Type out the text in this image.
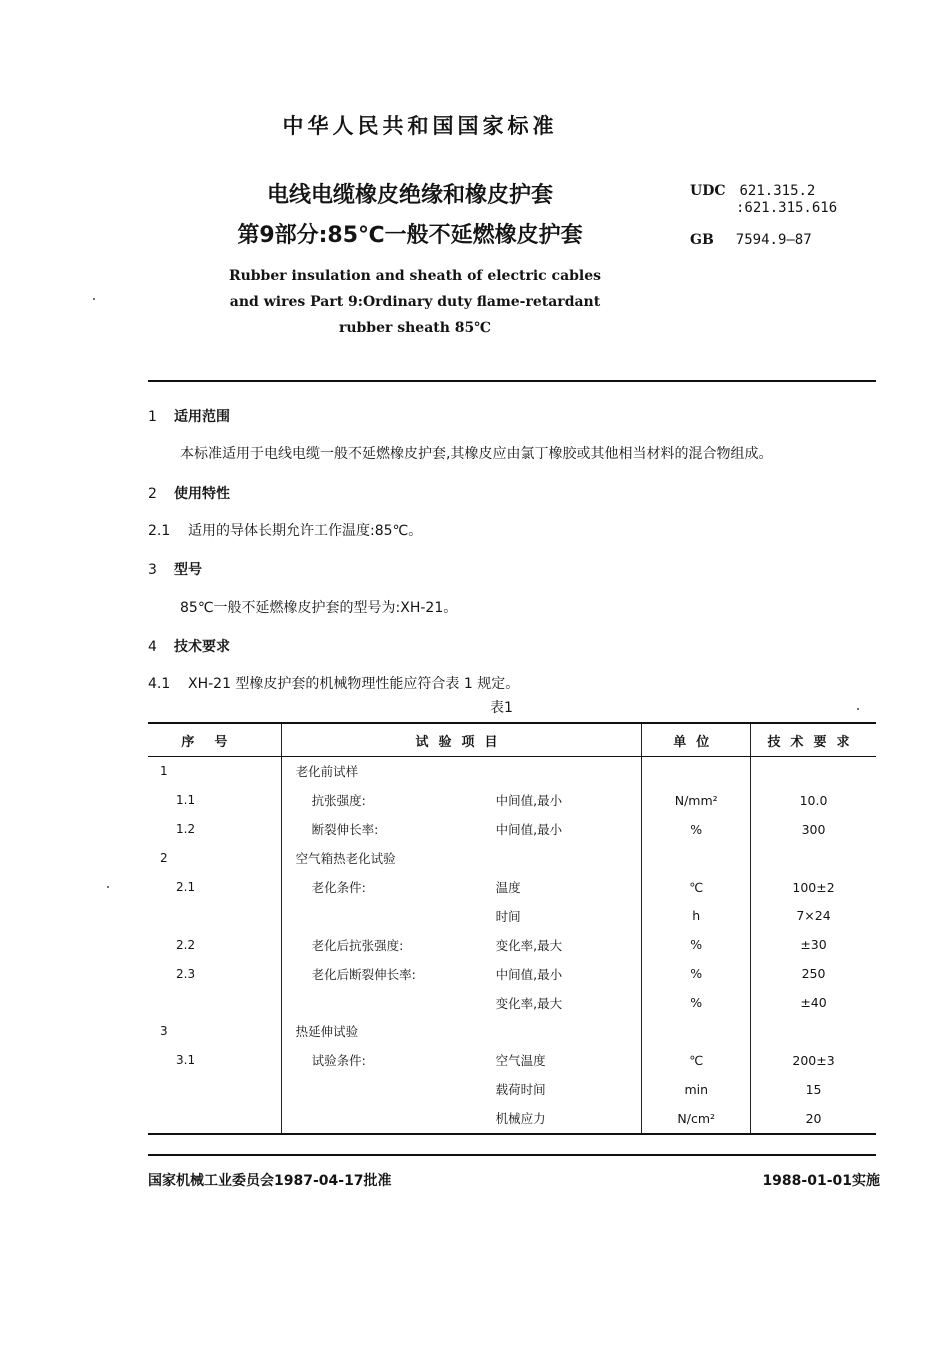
中华人民共和国国家标准
电线电缆橡皮绝缘和橡皮护套
第9部分:85℃一般不延燃橡皮护套
UDC 621.315.2
:621.315.616
GB 7594.9—87
Rubber insulation and sheath of electric cables
and wires Part 9:Ordinary duty flame-retardant
rubber sheath 85℃
1 适用范围
本标准适用于电线电缆一般不延燃橡皮护套,其橡皮应由氯丁橡胶或其他相当材料的混合物组成。
2 使用特性
2.1 适用的导体长期允许工作温度:85℃。
3 型号
85℃一般不延燃橡皮护套的型号为:XH-21。
4 技术要求
4.1 XH-21 型橡皮护套的机械物理性能应符合表 1 规定。
表1
序号	试验项目	单位	技术要求
1	老化前试样		
1.1	抗张强度: 中间值,最小	N/mm²	10.0
1.2	断裂伸长率: 中间值,最小	%	300
2	空气箱热老化试验		
2.1	老化条件: 温度	℃	100±2
	时间	h	7×24
2.2	老化后抗张强度: 变化率,最大	%	±30
2.3	老化后断裂伸长率: 中间值,最小	%	250
	变化率,最大	%	±40
3	热延伸试验		
3.1	试验条件: 空气温度	℃	200±3
	载荷时间	min	15
	机械应力	N/cm²	20
国家机械工业委员会1987-04-17批准	1988-01-01实施
